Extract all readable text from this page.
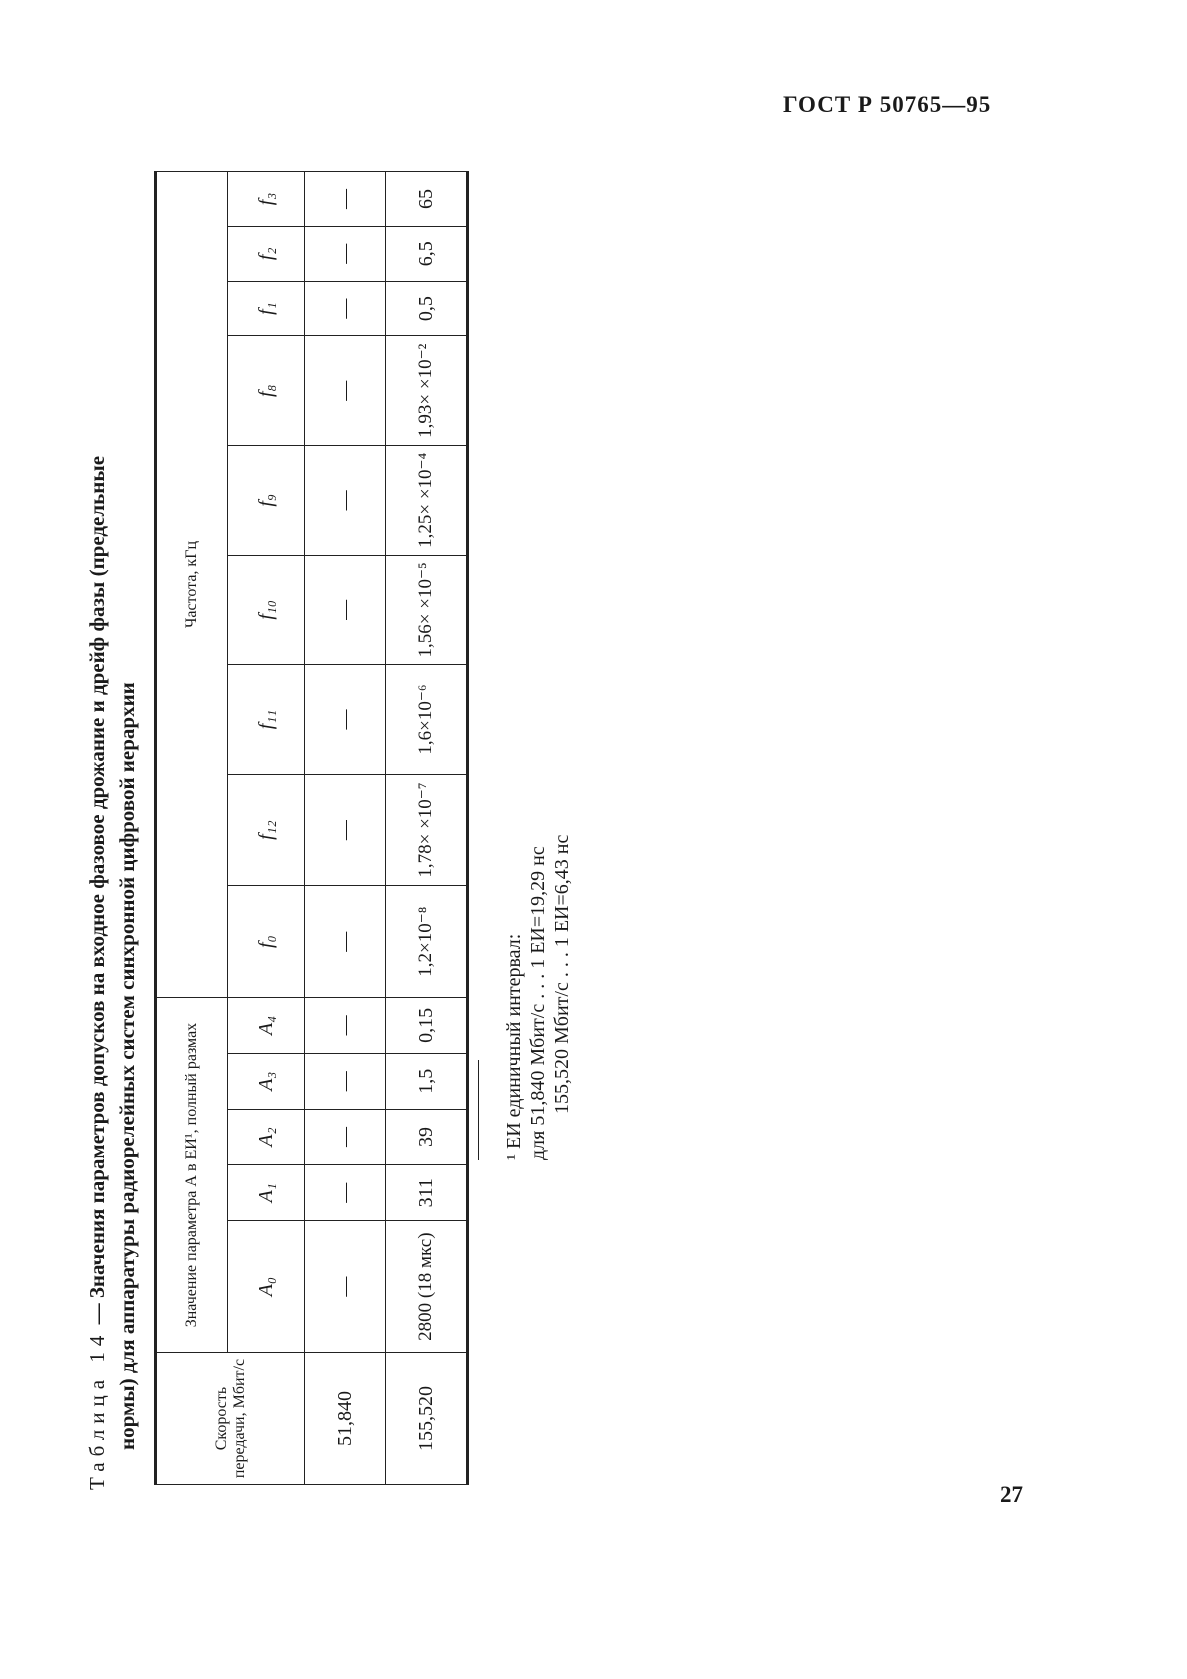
ГОСТ Р 50765—95
Таблица 14 — Значения параметров допусков на входное фазовое дрожание и дрейф фазы (предельные нормы) для аппаратуры радиорелейных систем синхронной цифровой иерархии	Скорость передачи, Мбит/с	Значение параметра А в ЕИ¹, полный размах					Частота, кГц								
	A₀	A₁	A₂	A₃	A₄	f₀	f₁₂	f₁₁	f₁₀	f₉	f₈	f₁	f₂	f₃
51,840	—	—	—	—	—	—	—	—	—	—	—	—	—	—
155,520	2800 (18 мкс)	311	39	1,5	0,15	1,2×10⁻⁸	1,78× ×10⁻⁷	1,6×10⁻⁶	1,56× ×10⁻⁵	1,25× ×10⁻⁴	1,93× ×10⁻²	0,5	6,5	65
¹ ЕИ единичный интервал: для 51,840 Мбит/с . . . 1 ЕИ=19,29 нс 155,520 Мбит/с . . . 1 ЕИ=6,43 нс
27
